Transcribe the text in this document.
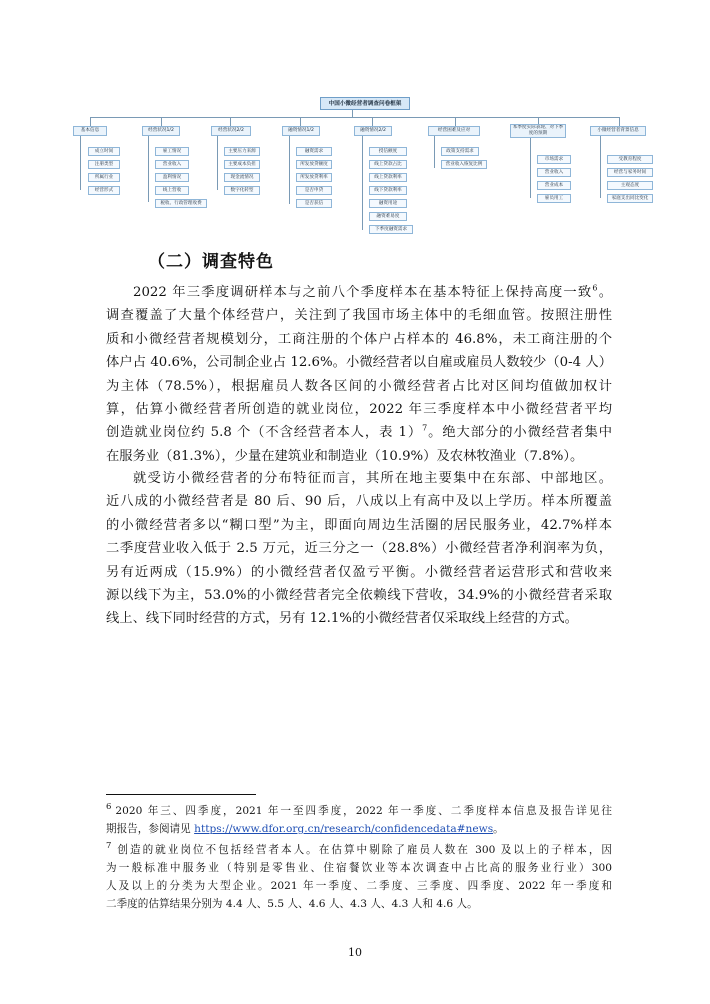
中国小微经营者调查问卷框架
基本信息	经营状况1/2	经营状况2/2	融资情况1/2	融资情况2/2	经营困难及应对
本季度实际表现、对下季度的预期
小微经营者背景信息
成立时间
注册类型
所属行业
经营形式
雇工情况
营业收入
盈利情况
线上营收
税收、行政管理收费
主要压力来源
主要成本负担
现金流情况
数字化转型
融资需求
所发放贷额度
所发放贷利率
是否申贷
是否获信
授信额度
线上贷款占比
线上贷款利率
线下贷款利率
融资用途
融资难易度
下季度融资需求
政策支持需求
营业收入恢复比例
市场需求
营业收入
营业成本
雇员用工
受教育程度
经营与家务时间
主观态度
家庭支出同比变化
（二）调查特色
2022 年三季度调研样本与之前八个季度样本在基本特征上保持高度一致$^6$。
调查覆盖了大量个体经营户，关注到了我国市场主体中的毛细血管。按照注册性
质和小微经营者规模划分，工商注册的个体户占样本的 46.8%，未工商注册的个
体户占 40.6%，公司制企业占 12.6%。小微经营者以自雇或雇员人数较少（0-4 人）
为主体（78.5%），根据雇员人数各区间的小微经营者占比对区间均值做加权计
算，估算小微经营者所创造的就业岗位，2022 年三季度样本中小微经营者平均
创造就业岗位约 5.8 个（不含经营者本人，表 1）$^7$。绝大部分的小微经营者集中
在服务业（81.3%），少量在建筑业和制造业（10.9%）及农林牧渔业（7.8%）。
就受访小微经营者的分布特征而言，其所在地主要集中在东部、中部地区。
近八成的小微经营者是 80 后、90 后，八成以上有高中及以上学历。样本所覆盖
的小微经营者多以“糊口型”为主，即面向周边生活圈的居民服务业，42.7%样本
二季度营业收入低于 2.5 万元，近三分之一（28.8%）小微经营者净利润率为负，
另有近两成（15.9%）的小微经营者仅盈亏平衡。小微经营者运营形式和营收来
源以线下为主，53.0%的小微经营者完全依赖线下营收，34.9%的小微经营者采取
线上、线下同时经营的方式，另有 12.1%的小微经营者仅采取线上经营的方式。
$^6$ 2020 年三、四季度，2021 年一至四季度，2022 年一季度、二季度样本信息及报告详见往
期报告，参阅请见 https://www.dfor.org.cn/research/confidencedata#news。
$^7$ 创造的就业岗位不包括经营者本人。在估算中剔除了雇员人数在 300 及以上的子样本，因
为一般标准中服务业（特别是零售业、住宿餐饮业等本次调查中占比高的服务业行业）300
人及以上的分类为大型企业。2021 年一季度、二季度、三季度、四季度、2022 年一季度和
二季度的估算结果分别为 4.4 人、5.5 人、4.6 人、4.3 人、4.3 人和 4.6 人。

10
